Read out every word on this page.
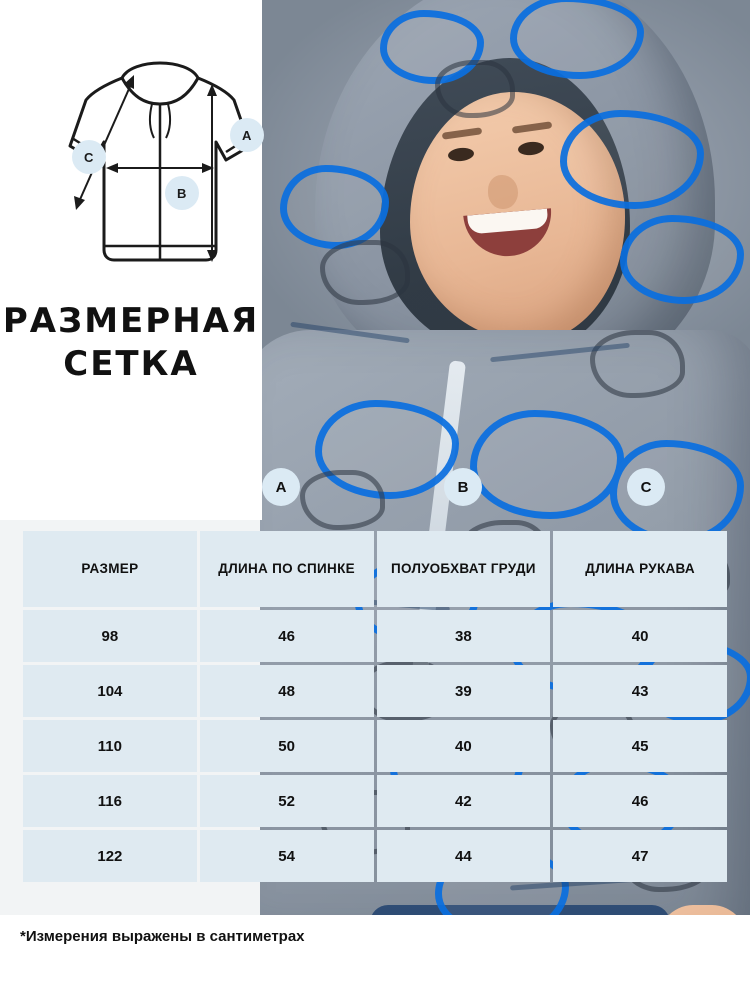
A
B
C
РАЗМЕРНАЯ
СЕТКА
A	B	C
РАЗМЕР	ДЛИНА ПО СПИНКЕ	ПОЛУОБХВАТ ГРУДИ	ДЛИНА РУКАВА
98	46	38	40
104	48	39	43
110	50	40	45
116	52	42	46
122	54	44	47
*Измерения выражены в сантиметрах
